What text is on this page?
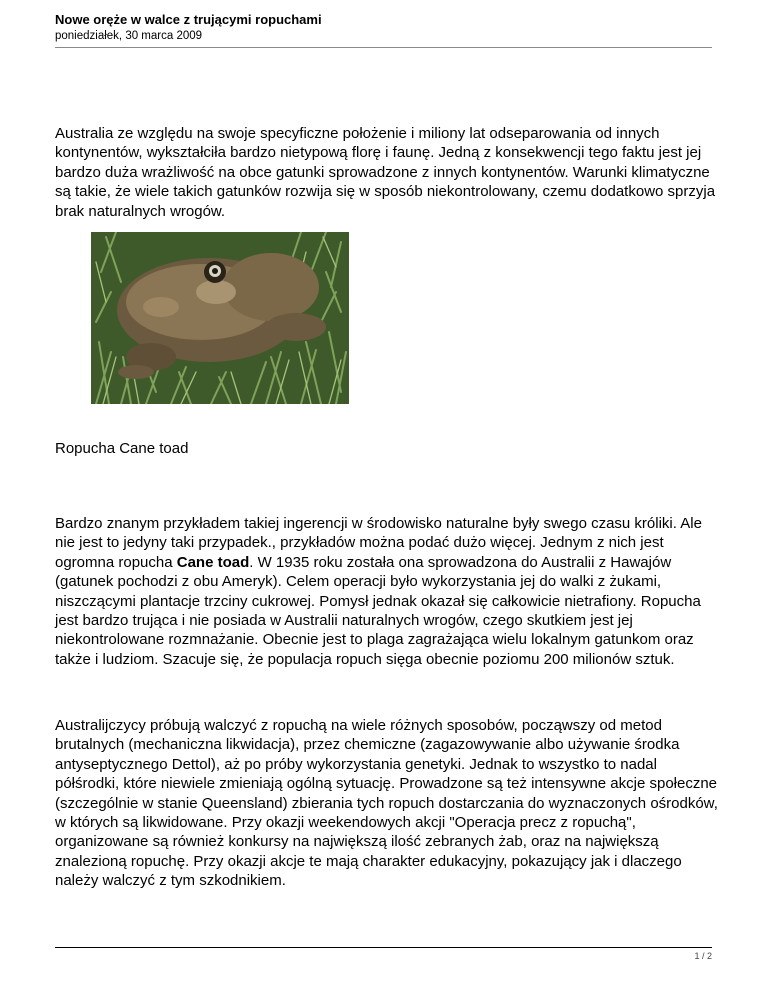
Nowe oręże w walce z trującymi ropuchami
poniedziałek, 30 marca 2009

Australia ze względu na swoje specyficzne położenie i miliony lat odseparowania od innych kontynentów, wykształciła bardzo nietypową florę i faunę. Jedną z konsekwencji tego faktu jest jej bardzo duża wrażliwość na obce gatunki sprowadzone z innych kontynentów. Warunki klimatyczne są takie, że wiele takich gatunków rozwija się w sposób niekontrolowany, czemu dodatkowo sprzyja brak naturalnych wrogów.

Ropucha Cane toad

Bardzo znanym przykładem takiej ingerencji w środowisko naturalne były swego czasu króliki. Ale nie jest to jedyny taki przypadek., przykładów można podać dużo więcej. Jednym z nich jest ogromna ropucha Cane toad. W 1935 roku została ona sprowadzona do Australii z Hawajów (gatunek pochodzi z obu Ameryk). Celem operacji było wykorzystania jej do walki z żukami, niszczącymi plantacje trzciny cukrowej. Pomysł jednak okazał się całkowicie nietrafiony. Ropucha jest bardzo trująca i nie posiada w Australii naturalnych wrogów, czego skutkiem jest jej niekontrolowane rozmnażanie. Obecnie jest to plaga zagrażająca wielu lokalnym gatunkom oraz także i ludziom. Szacuje się, że populacja ropuch sięga obecnie poziomu 200 milionów sztuk.

Australijczycy próbują walczyć z ropuchą na wiele różnych sposobów, począwszy od metod brutalnych (mechaniczna likwidacja), przez chemiczne (zagazowywanie albo używanie środka antyseptycznego Dettol), aż po próby wykorzystania genetyki. Jednak to wszystko to nadal półśrodki, które niewiele zmieniają ogólną sytuację. Prowadzone są też intensywne akcje społeczne (szczególnie w stanie Queensland) zbierania tych ropuch dostarczania do wyznaczonych ośrodków, w których są likwidowane. Przy okazji weekendowych akcji "Operacja precz z ropuchą", organizowane są również konkursy na największą ilość zebranych żab, oraz na największą znalezioną ropuchę. Przy okazji akcje te mają charakter edukacyjny, pokazujący jak i dlaczego należy walczyć z tym szkodnikiem.

1 / 2
